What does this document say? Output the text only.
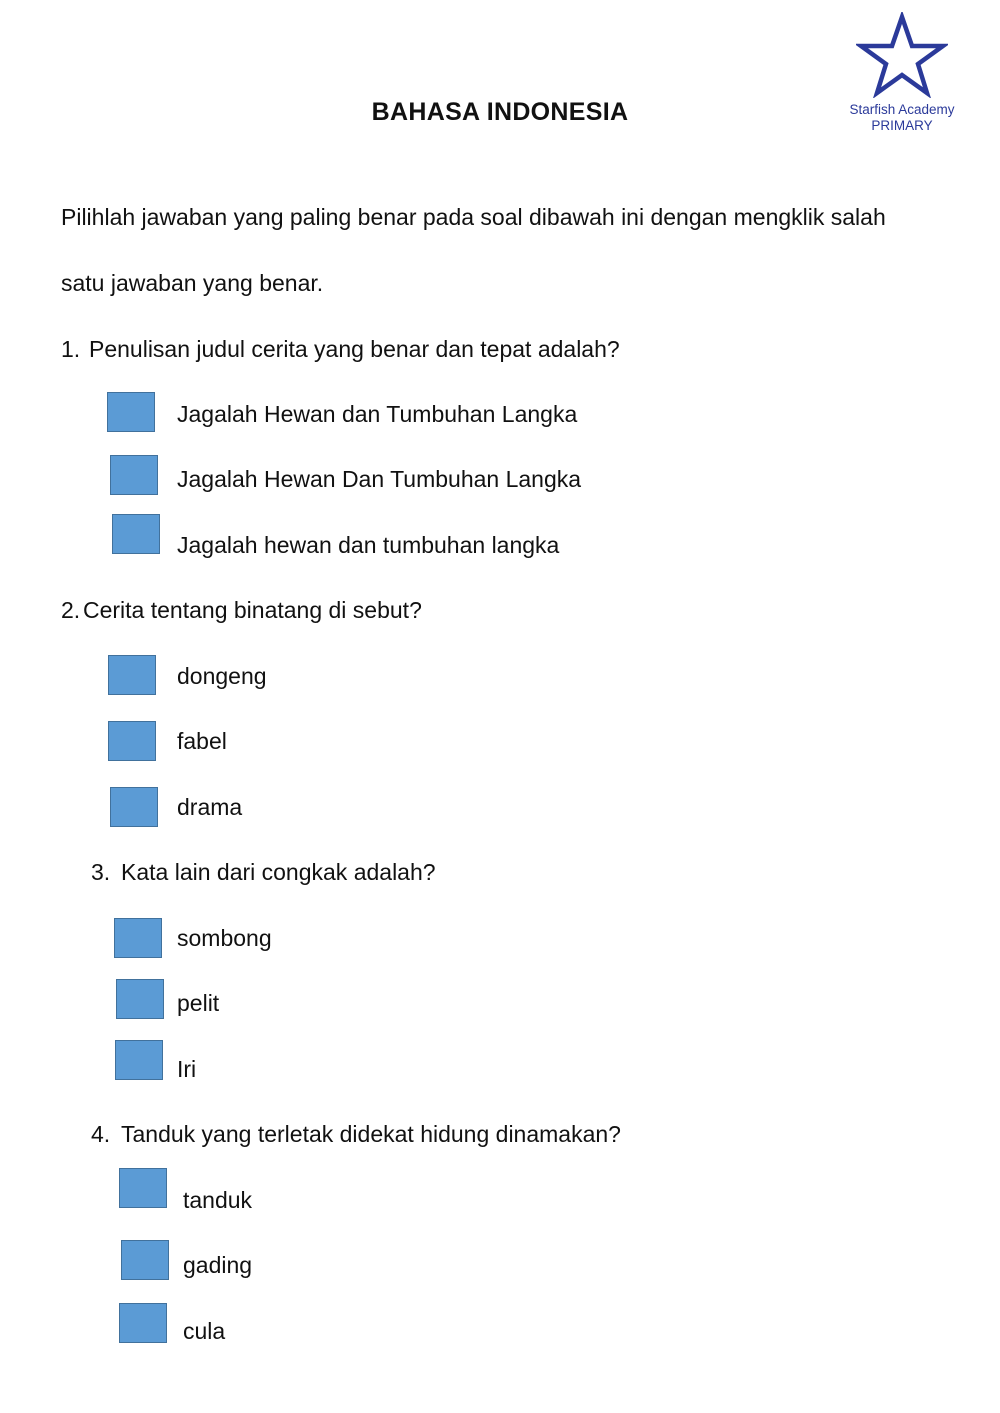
BAHASA INDONESIA	Starfish Academy
PRIMARY
Pilihlah jawaban yang paling benar pada soal dibawah ini dengan mengklik salah
satu jawaban yang benar.
1. Penulisan judul cerita yang benar dan tepat adalah?
Jagalah Hewan dan Tumbuhan Langka
Jagalah Hewan Dan Tumbuhan Langka
Jagalah hewan dan tumbuhan langka
2. Cerita tentang binatang di sebut?
dongeng
fabel
drama
3. Kata lain dari congkak adalah?
sombong
pelit
Iri
4. Tanduk yang terletak didekat hidung dinamakan?
tanduk
gading
cula
